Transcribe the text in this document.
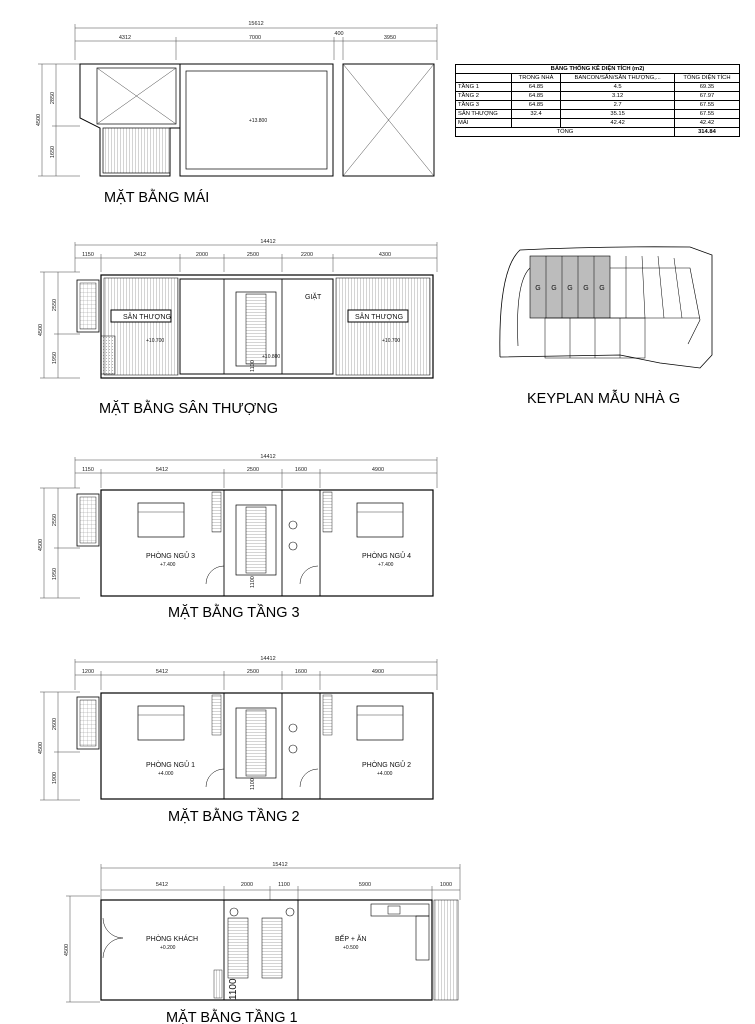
BẢNG THỐNG KÊ DIỆN TÍCH (m2)			
	TRONG NHÀ	BANCON/SÂN/SÂN THƯỢNG,...	TỔNG DIỆN TÍCH
TẦNG 1	64.85	4.5	69.35
TẦNG 2	64.85	3.12	67.97
TẦNG 3	64.85	2.7	67.55
SÂN THƯỢNG	32.4	35.15	67.55
MÁI		42.42	42.42
TỔNG			314.84
15612
4312	7000
400
3950
4500
2850
1650
+13.800
MẶT BẰNG MÁI
14412
1150	3412	2000	2500	2200	4300
4500
2550
1950
SÂN THƯỢNG	SÂN THƯỢNG
GIẶT
+10.700
+10.800
+10.700
1100
MẶT BẰNG SÂN THƯỢNG
G G G G G
KEYPLAN MẪU NHÀ G
14412
1150	5412	2500	1600	4900
4500
2550
1950
PHÒNG NGỦ 3
+7.400
PHÒNG NGỦ 4
+7.400
1100
MẶT BẰNG TẦNG 3
14412
1200	5412	2500	1600	4900
4500
2600
1900
PHÒNG NGỦ 1
+4.000
PHÒNG NGỦ 2
+4.000
1100
MẶT BẰNG TẦNG 2
15412
5412	2000	1100	5900	1000
4500
PHÒNG KHÁCH
+0.200
BẾP + ĂN
+0.500
1100
MẶT BẰNG TẦNG 1
